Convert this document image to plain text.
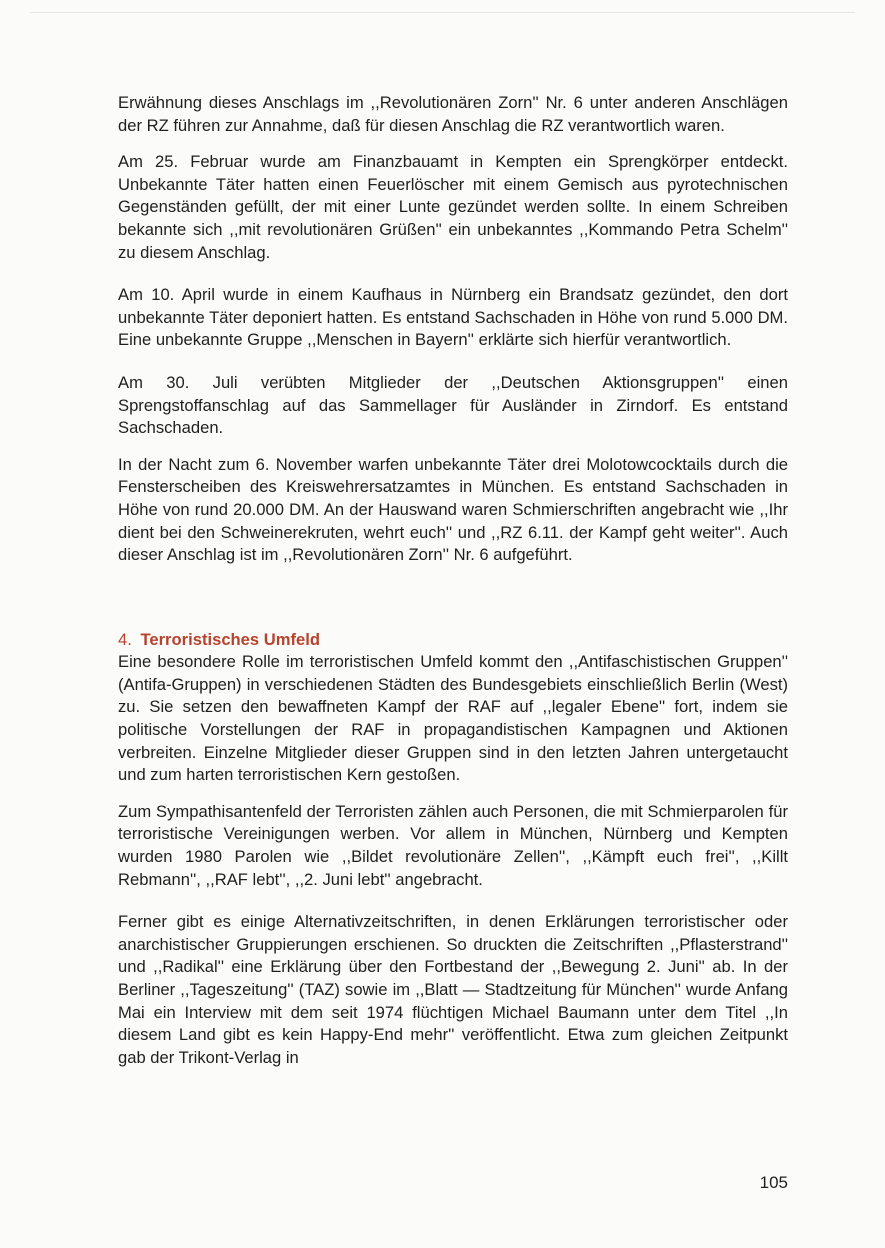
Erwähnung dieses Anschlags im ,,Revolutionären Zorn'' Nr. 6 unter anderen Anschlägen der RZ führen zur Annahme, daß für diesen Anschlag die RZ verantwortlich waren.

Am 25. Februar wurde am Finanzbauamt in Kempten ein Sprengkörper entdeckt. Unbekannte Täter hatten einen Feuerlöscher mit einem Gemisch aus pyrotechnischen Gegenständen gefüllt, der mit einer Lunte gezündet werden sollte. In einem Schreiben bekannte sich ,,mit revolutionären Grüßen'' ein unbekanntes ,,Kommando Petra Schelm'' zu diesem Anschlag.

Am 10. April wurde in einem Kaufhaus in Nürnberg ein Brandsatz gezündet, den dort unbekannte Täter deponiert hatten. Es entstand Sachschaden in Höhe von rund 5.000 DM. Eine unbekannte Gruppe ,,Menschen in Bayern'' erklärte sich hierfür verantwortlich.

Am 30. Juli verübten Mitglieder der ,,Deutschen Aktionsgruppen'' einen Sprengstoffanschlag auf das Sammellager für Ausländer in Zirndorf. Es entstand Sachschaden.

In der Nacht zum 6. November warfen unbekannte Täter drei Molotowcocktails durch die Fensterscheiben des Kreiswehrersatzamtes in München. Es entstand Sachschaden in Höhe von rund 20.000 DM. An der Hauswand waren Schmierschriften angebracht wie ,,Ihr dient bei den Schweinerekruten, wehrt euch'' und ,,RZ 6.11. der Kampf geht weiter''. Auch dieser Anschlag ist im ,,Revolutionären Zorn'' Nr. 6 aufgeführt.

4. Terroristisches Umfeld

Eine besondere Rolle im terroristischen Umfeld kommt den ,,Antifaschistischen Gruppen'' (Antifa-Gruppen) in verschiedenen Städten des Bundesgebiets einschließlich Berlin (West) zu. Sie setzen den bewaffneten Kampf der RAF auf ,,legaler Ebene'' fort, indem sie politische Vorstellungen der RAF in propagandistischen Kampagnen und Aktionen verbreiten. Einzelne Mitglieder dieser Gruppen sind in den letzten Jahren untergetaucht und zum harten terroristischen Kern gestoßen.

Zum Sympathisantenfeld der Terroristen zählen auch Personen, die mit Schmierparolen für terroristische Vereinigungen werben. Vor allem in München, Nürnberg und Kempten wurden 1980 Parolen wie ,,Bildet revolutionäre Zellen'', ,,Kämpft euch frei'', ,,Killt Rebmann'', ,,RAF lebt'', ,,2. Juni lebt'' angebracht.

Ferner gibt es einige Alternativzeitschriften, in denen Erklärungen terroristischer oder anarchistischer Gruppierungen erschienen. So druckten die Zeitschriften ,,Pflasterstrand'' und ,,Radikal'' eine Erklärung über den Fortbestand der ,,Bewegung 2. Juni'' ab. In der Berliner ,,Tageszeitung'' (TAZ) sowie im ,,Blatt — Stadtzeitung für München'' wurde Anfang Mai ein Interview mit dem seit 1974 flüchtigen Michael Baumann unter dem Titel ,,In diesem Land gibt es kein Happy-End mehr'' veröffentlicht. Etwa zum gleichen Zeitpunkt gab der Trikont-Verlag in

105
